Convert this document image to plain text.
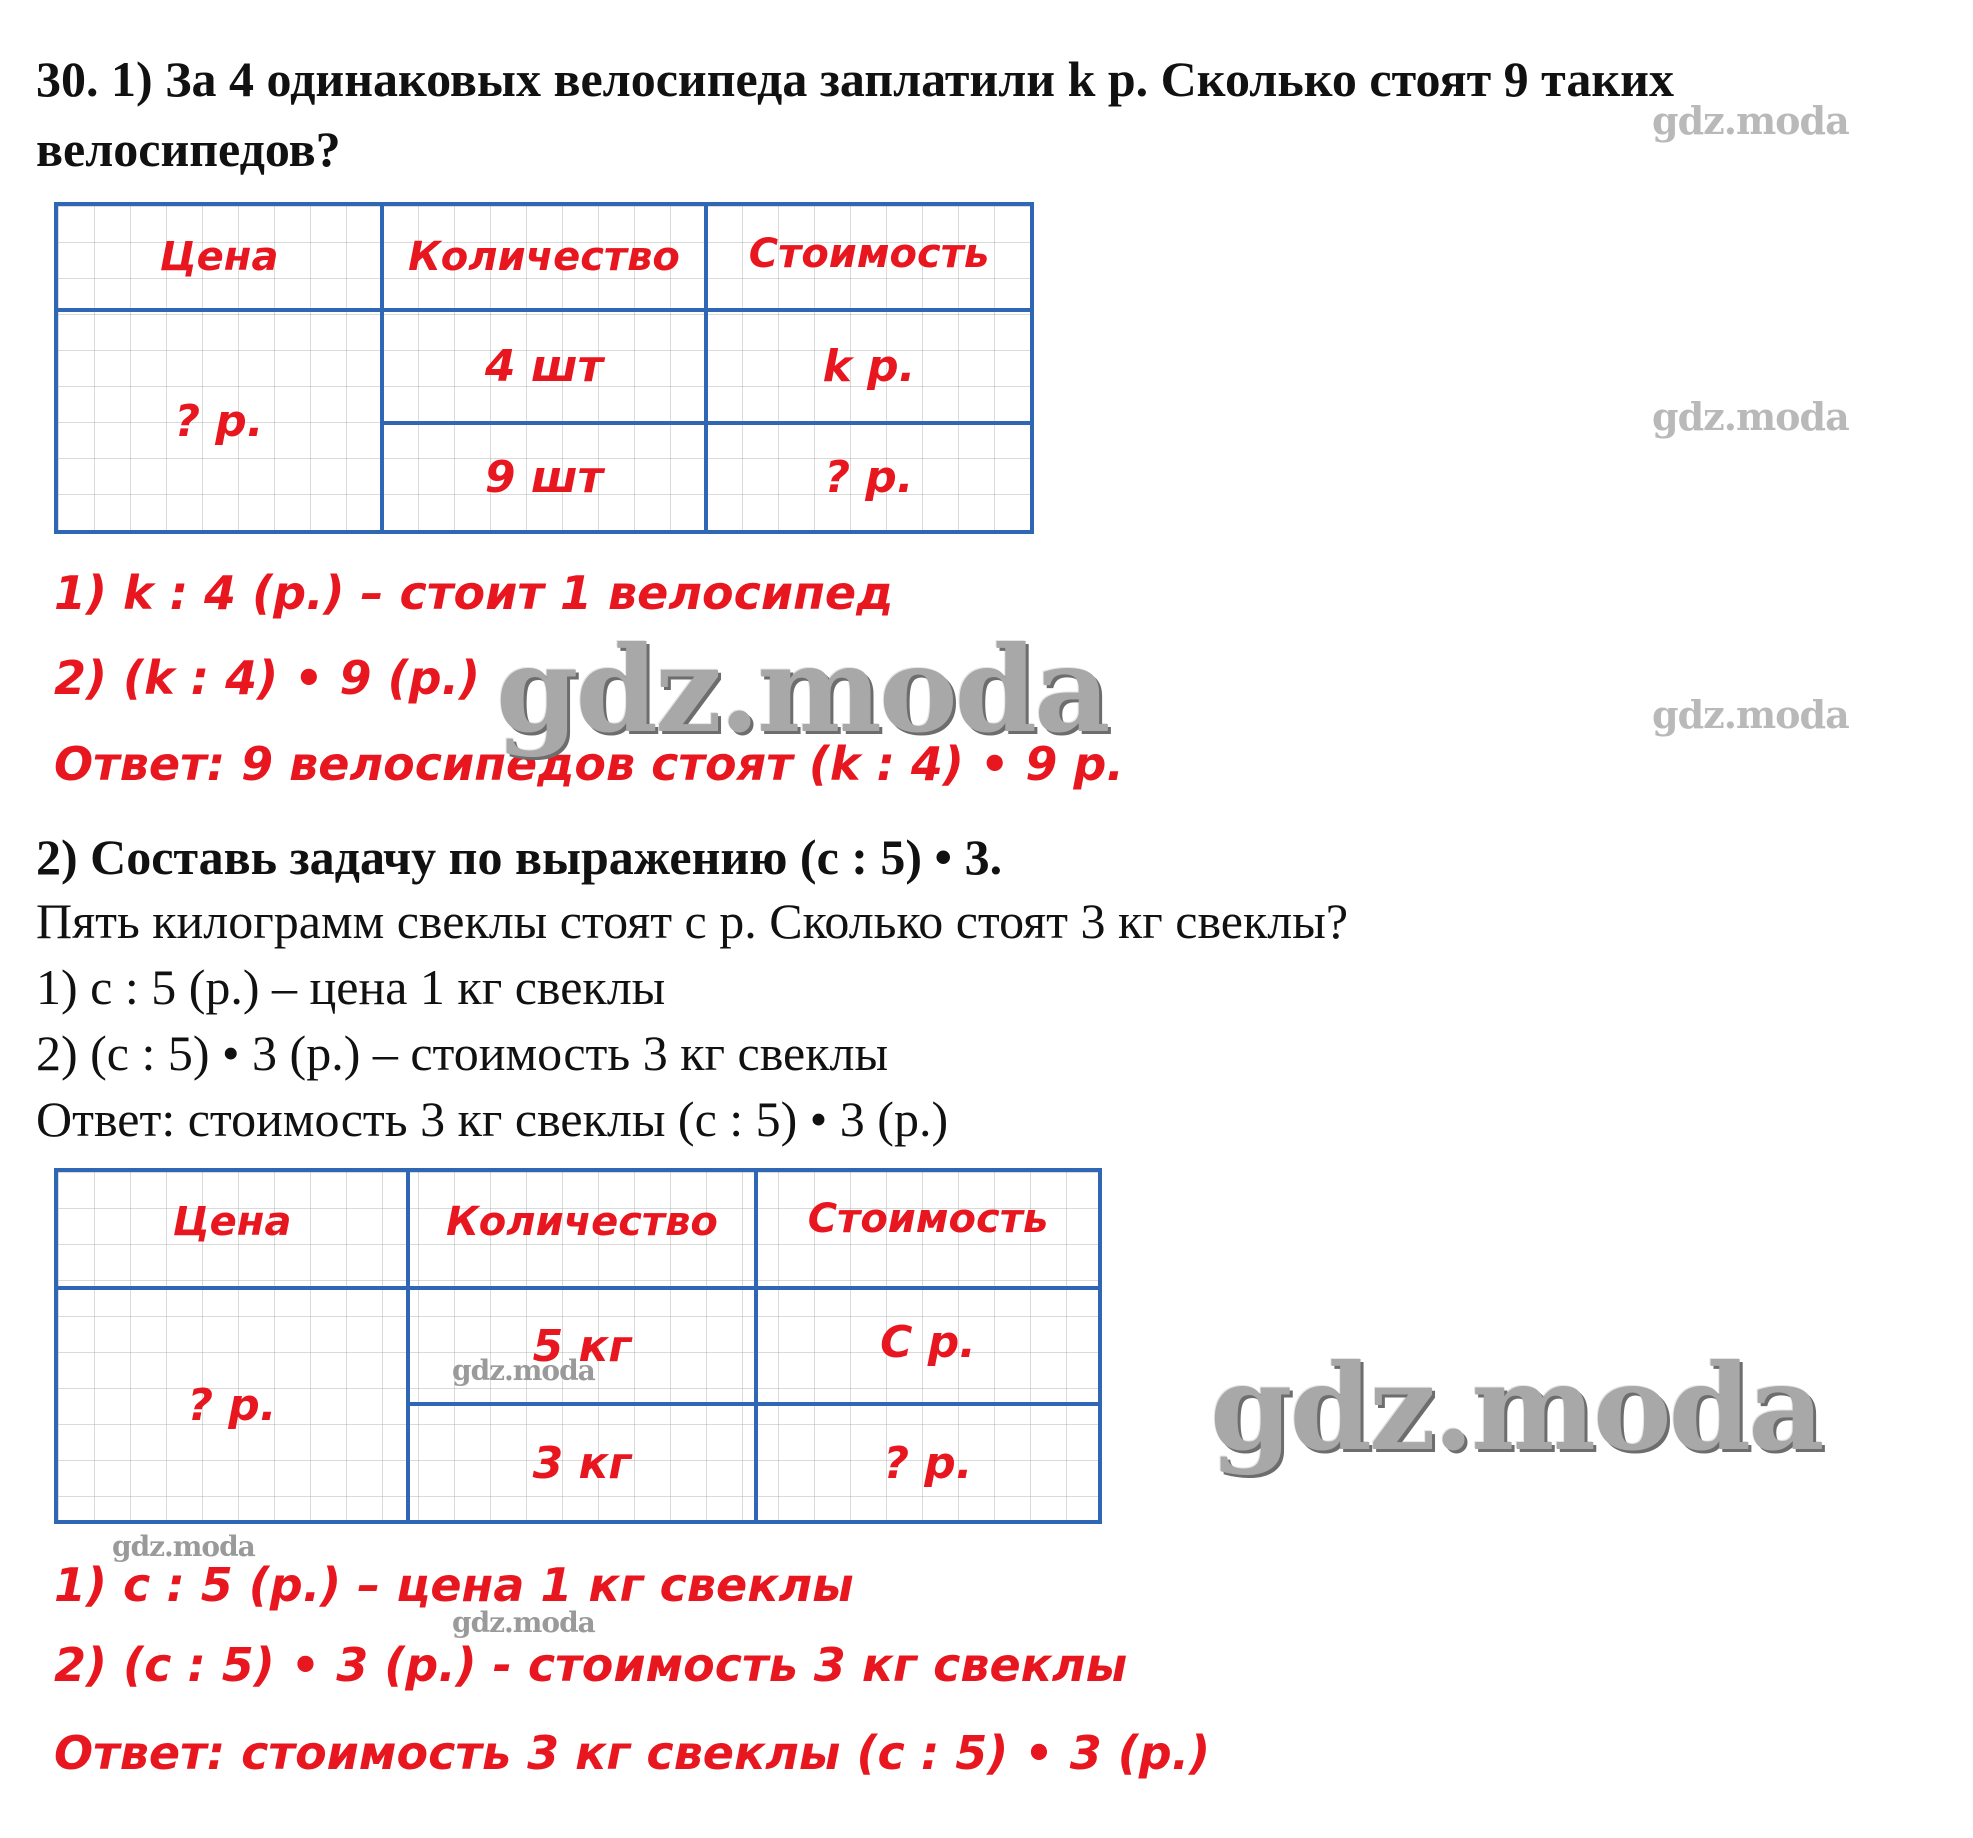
30. 1) За 4 одинаковых велосипеда заплатили k р. Сколько стоят 9 таких
велосипедов?
Цена	Количество	Стоимость
? р.
4 шт	k р.
9 шт	? р.
1) k : 4 (р.) – стоит 1 велосипед
2) (k : 4) • 9 (р.)
Ответ: 9 велосипедов стоят (k : 4) • 9 р.
2) Составь задачу по выражению (с : 5) • 3.
Пять килограмм свеклы стоят с р. Сколько стоят 3 кг свеклы?
1) с : 5 (р.) – цена 1 кг свеклы
2) (с : 5) • 3 (р.) – стоимость 3 кг свеклы
Ответ: стоимость 3 кг свеклы (с : 5) • 3 (р.)
Цена	Количество	Стоимость
? р.
5 кг	С р.
3 кг	? р.
1) с : 5 (р.) – цена 1 кг свеклы
2) (с : 5) • 3 (р.) - стоимость 3 кг свеклы
Ответ: стоимость 3 кг свеклы (с : 5) • 3 (р.)
gdz.moda
gdz.moda
gdz.moda
gdz.moda
gdz.moda
gdz.moda
gdz.moda
gdz.moda
